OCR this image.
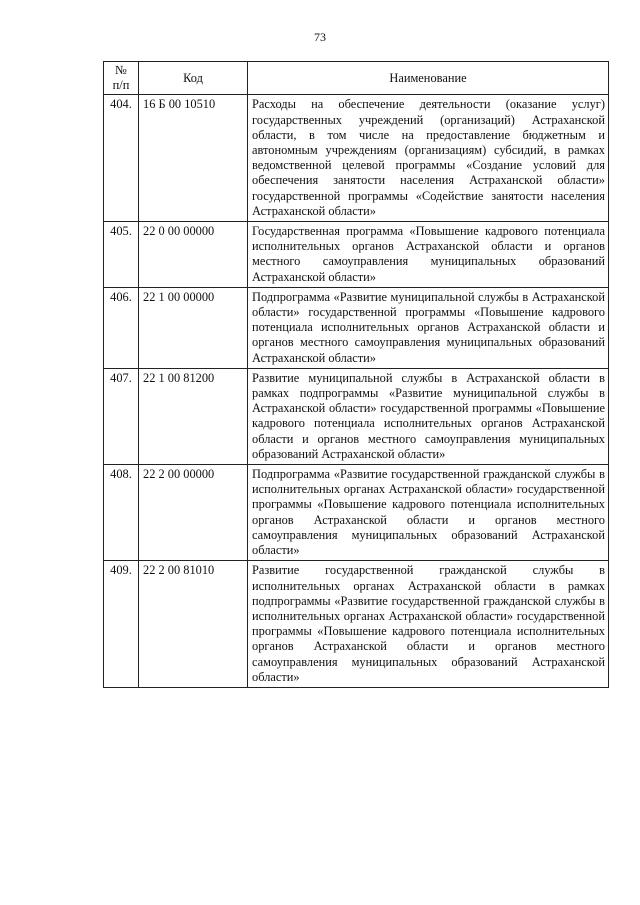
73
№
п/п	Код	Наименование
404.	16 Б 00 10510	Расходы на обеспечение деятельности (оказание услуг) государственных учреждений (организаций) Астраханской области, в том числе на предоставление бюджетным и автономным учреждениям (организациям) субсидий, в рамках ведомственной целевой программы «Создание условий для обеспечения занятости населения Астраханской области» государственной программы «Содействие занятости населения Астраханской области»
405.	22 0 00 00000	Государственная программа «Повышение кадрового потенциала исполнительных органов Астраханской области и органов местного самоуправления муниципальных образований Астраханской области»
406.	22 1 00 00000	Подпрограмма «Развитие муниципальной службы в Астраханской области» государственной программы «Повышение кадрового потенциала исполнительных органов Астраханской области и органов местного самоуправления муниципальных образований Астраханской области»
407.	22 1 00 81200	Развитие муниципальной службы в Астраханской области в рамках подпрограммы «Развитие муниципальной службы в Астраханской области» государственной программы «Повышение кадрового потенциала исполнительных органов Астраханской области и органов местного самоуправления муниципальных образований Астраханской области»
408.	22 2 00 00000	Подпрограмма «Развитие государственной гражданской службы в исполнительных органах Астраханской области» государственной программы «Повышение кадрового потенциала исполнительных органов Астраханской области и органов местного самоуправления муниципальных образований Астраханской области»
409.	22 2 00 81010	Развитие государственной гражданской службы в исполнительных органах Астраханской области в рамках подпрограммы «Развитие государственной гражданской службы в исполнительных органах Астраханской области» государственной программы «Повышение кадрового потенциала исполнительных органов Астраханской области и органов местного самоуправления муниципальных образований Астраханской области»
